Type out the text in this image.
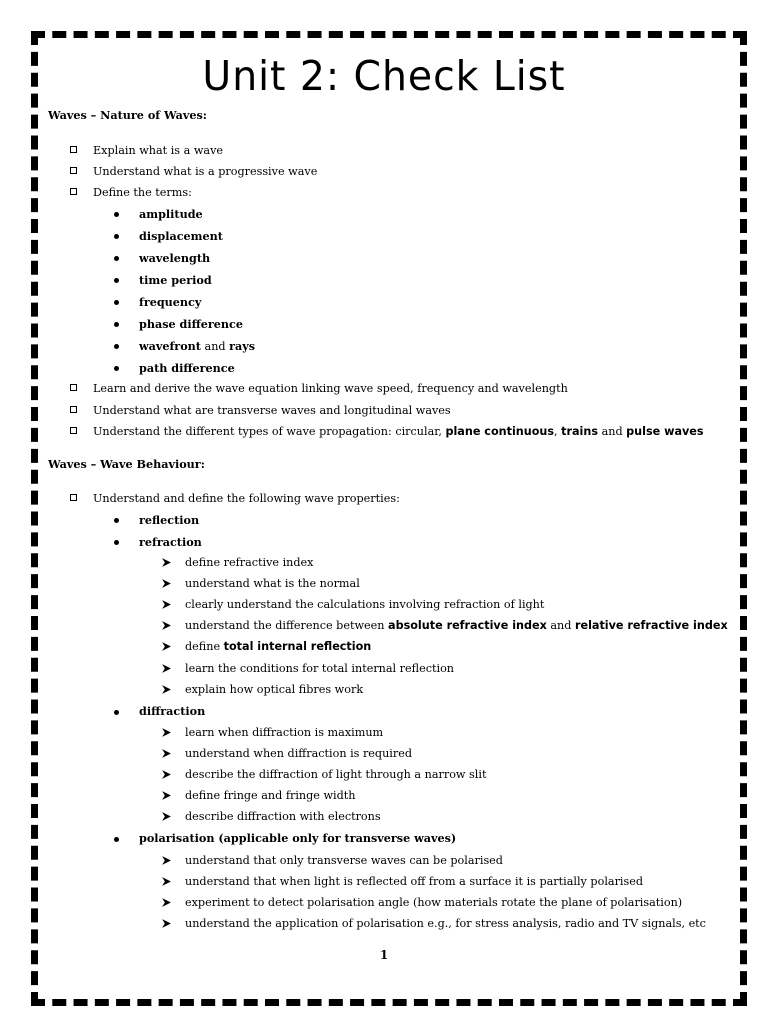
Unit 2: Check List
Waves – Nature of Waves:
Explain what is a wave
Understand what is a progressive wave
Define the terms:
amplitude
displacement
wavelength
time period
frequency
phase difference
wavefront and rays
path difference
Learn and derive the wave equation linking wave speed, frequency and wavelength
Understand what are transverse waves and longitudinal waves
Understand the different types of wave propagation: circular, plane continuous, trains and pulse waves
Waves – Wave Behaviour:
Understand and define the following wave properties:
reflection
refraction
define refractive index
understand what is the normal
clearly understand the calculations involving refraction of light
understand the difference between absolute refractive index and relative refractive index
define total internal reflection
learn the conditions for total internal reflection
explain how optical fibres work
diffraction
learn when diffraction is maximum
understand when diffraction is required
describe the diffraction of light through a narrow slit
define fringe and fringe width
describe diffraction with electrons
polarisation (applicable only for transverse waves)
understand that only transverse waves can be polarised
understand that when light is reflected off from a surface it is partially polarised
experiment to detect polarisation angle (how materials rotate the plane of polarisation)
understand the application of polarisation e.g., for stress analysis, radio and TV signals, etc
1
